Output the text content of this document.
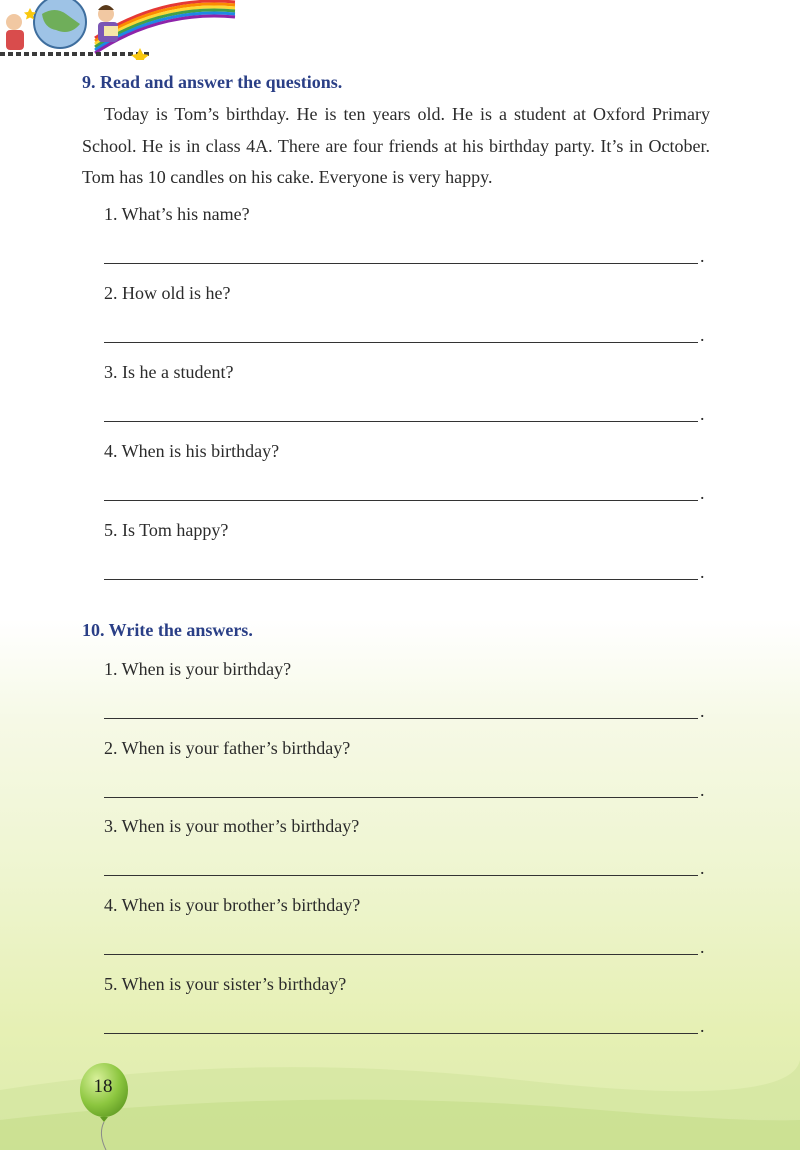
9. Read and answer the questions.

Today is Tom’s birthday. He is ten years old. He is a student at Oxford Primary School. He is in class 4A. There are four friends at his birthday party. It’s in October. Tom has 10 candles on his cake. Everyone is very happy.

1. What’s his name?

.

2. How old is he?

.

3. Is he a student?

.

4. When is his birthday?

.

5. Is Tom happy?

.
10. Write the answers.

1. When is your birthday?

.

2. When is your father’s birthday?

.

3. When is your mother’s birthday?

.

4. When is your brother’s birthday?

.

5. When is your sister’s birthday?

.
18
